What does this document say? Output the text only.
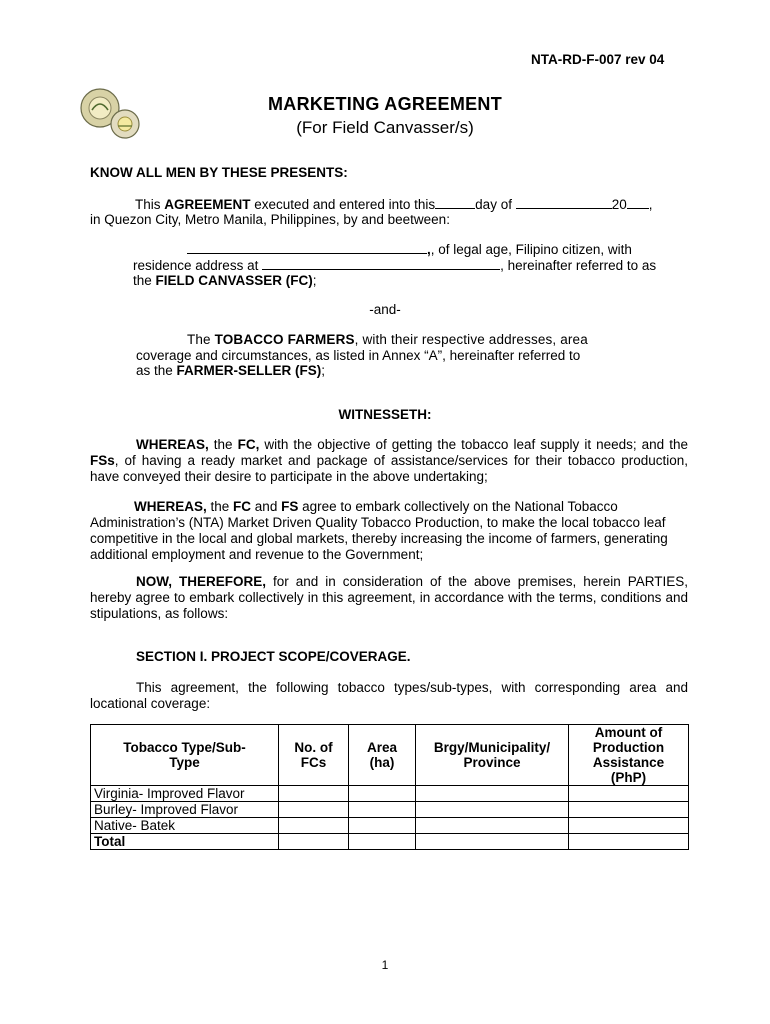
NTA-RD-F-007 rev 04
MARKETING AGREEMENT
(For Field Canvasser/s)
KNOW ALL MEN BY THESE PRESENTS:
This AGREEMENT executed and entered into this	day of	20 ,
in Quezon City, Metro Manila, Philippines, by and beetween:
,, of legal age, Filipino citizen, with
residence address at	, hereinafter referred to as
the FIELD CANVASSER (FC);
-and-
The TOBACCO FARMERS, with their respective addresses, area
coverage and circumstances, as listed in Annex “A”, hereinafter referred to
as the FARMER-SELLER (FS);
WITNESSETH:
WHEREAS, the FC, with the objective of getting the tobacco leaf supply it needs; and the FSs, of having a ready market and package of assistance/services for their tobacco production, have conveyed their desire to participate in the above undertaking;
WHEREAS, the FC and FS agree to embark collectively on the National Tobacco Administration’s (NTA) Market Driven Quality Tobacco Production, to make the local tobacco leaf competitive in the local and global markets, thereby increasing the income of farmers, generating additional employment and revenue to the Government;
NOW, THEREFORE, for and in consideration of the above premises, herein PARTIES, hereby agree to embark collectively in this agreement, in accordance with the terms, conditions and stipulations, as follows:
SECTION I. PROJECT SCOPE/COVERAGE.
This agreement, the following tobacco types/sub-types, with corresponding area and locational coverage:
Tobacco Type/Sub-Type	No. of FCs	Area (ha)	Brgy/Municipality/ Province	Amount of Production Assistance (PhP)
Virginia- Improved Flavor				
Burley- Improved Flavor				
Native- Batek				
Total				
1
